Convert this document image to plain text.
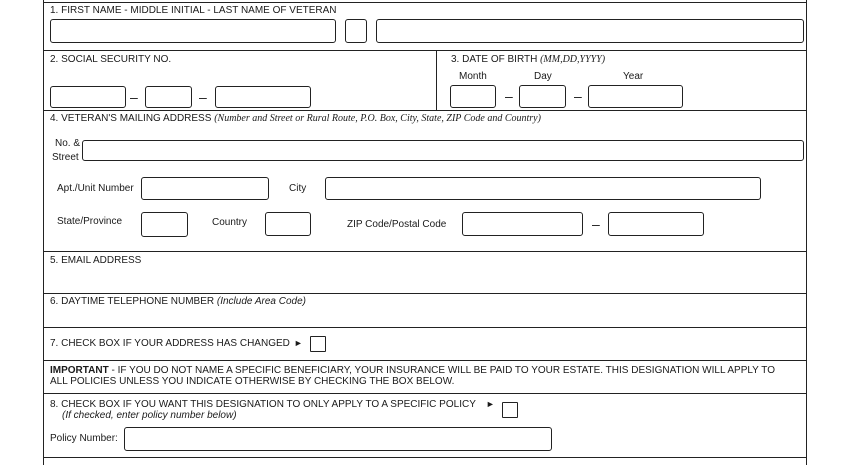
1. FIRST NAME - MIDDLE INITIAL - LAST NAME OF VETERAN
2. SOCIAL SECURITY NO.
–	–
3. DATE OF BIRTH (MM,DD,YYYY)
Month	Day	Year
–	–
4. VETERAN'S MAILING ADDRESS (Number and Street or Rural Route, P.O. Box, City, State, ZIP Code and Country)
No. &
Street
Apt./Unit Number	City
State/Province	Country	ZIP Code/Postal Code	–
5. EMAIL ADDRESS
6. DAYTIME TELEPHONE NUMBER (Include Area Code)
7. CHECK BOX IF YOUR ADDRESS HAS CHANGED ►
IMPORTANT - IF YOU DO NOT NAME A SPECIFIC BENEFICIARY, YOUR INSURANCE WILL BE PAID TO YOUR ESTATE. THIS DESIGNATION WILL APPLY TO
ALL POLICIES UNLESS YOU INDICATE OTHERWISE BY CHECKING THE BOX BELOW.
8. CHECK BOX IF YOU WANT THIS DESIGNATION TO ONLY APPLY TO A SPECIFIC POLICY ►
(If checked, enter policy number below)
Policy Number:
